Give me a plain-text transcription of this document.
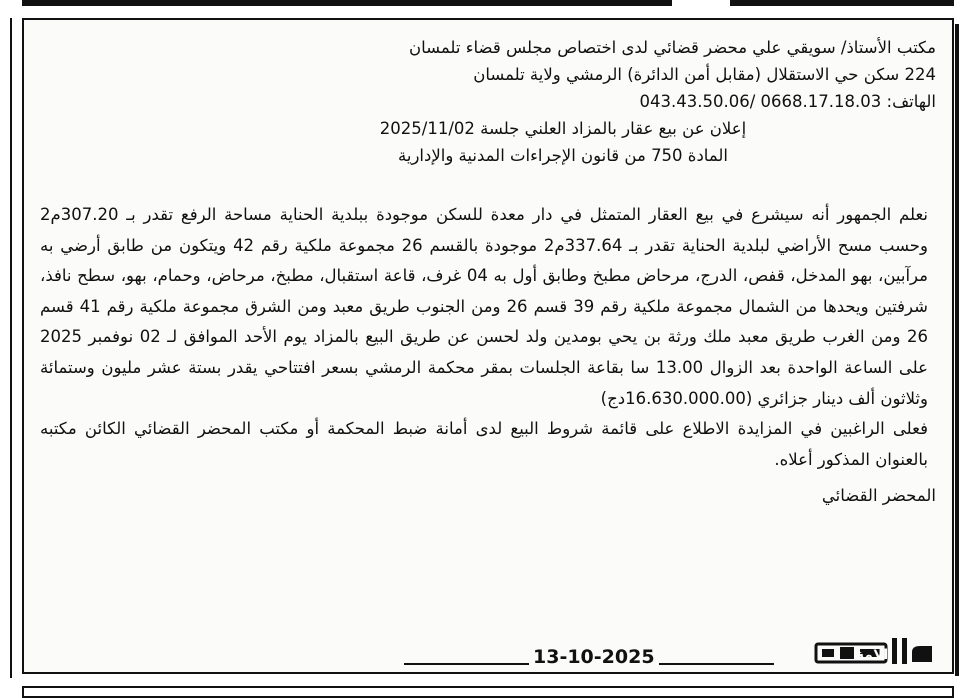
مكتب الأستاذ/ سويقي علي محضر قضائي لدى اختصاص مجلس قضاء تلمسان

224 سكن حي الاستقلال (مقابل أمن الدائرة) الرمشي ولاية تلمسان

الهاتف: 0668.17.18.03 /043.43.50.06

إعلان عن بيع عقار بالمزاد العلني جلسة 2025/11/02

المادة 750 من قانون الإجراءات المدنية والإدارية

نعلم الجمهور أنه سيشرع في بيع العقار المتمثل في دار معدة للسكن موجودة ببلدية الحناية مساحة الرفع تقدر بـ 307.20م2 وحسب مسح الأراضي لبلدية الحناية تقدر بـ 337.64م2 موجودة بالقسم 26 مجموعة ملكية رقم 42 ويتكون من طابق أرضي به مرآبين، بهو المدخل، قفص، الدرج، مرحاض مطبخ وطابق أول به 04 غرف، قاعة استقبال، مطبخ، مرحاض، وحمام، بهو، سطح نافذ، شرفتين ويحدها من الشمال مجموعة ملكية رقم 39 قسم 26 ومن الجنوب طريق معبد ومن الشرق مجموعة ملكية رقم 41 قسم 26 ومن الغرب طريق معبد ملك ورثة بن يحي بومدين ولد لحسن عن طريق البيع بالمزاد يوم الأحد الموافق لـ 02 نوفمبر 2025 على الساعة الواحدة بعد الزوال 13.00 سا بقاعة الجلسات بمقر محكمة الرمشي بسعر افتتاحي يقدر بستة عشر مليون وستمائة وثلاثون ألف دينار جزائري (16.630.000.00دج)

فعلى الراغبين في المزايدة الاطلاع على قائمة شروط البيع لدى أمانة ضبط المحكمة أو مكتب المحضر القضائي الكائن مكتبه بالعنوان المذكور أعلاه.

المحضر القضائي

13-10-2025	الأمة
